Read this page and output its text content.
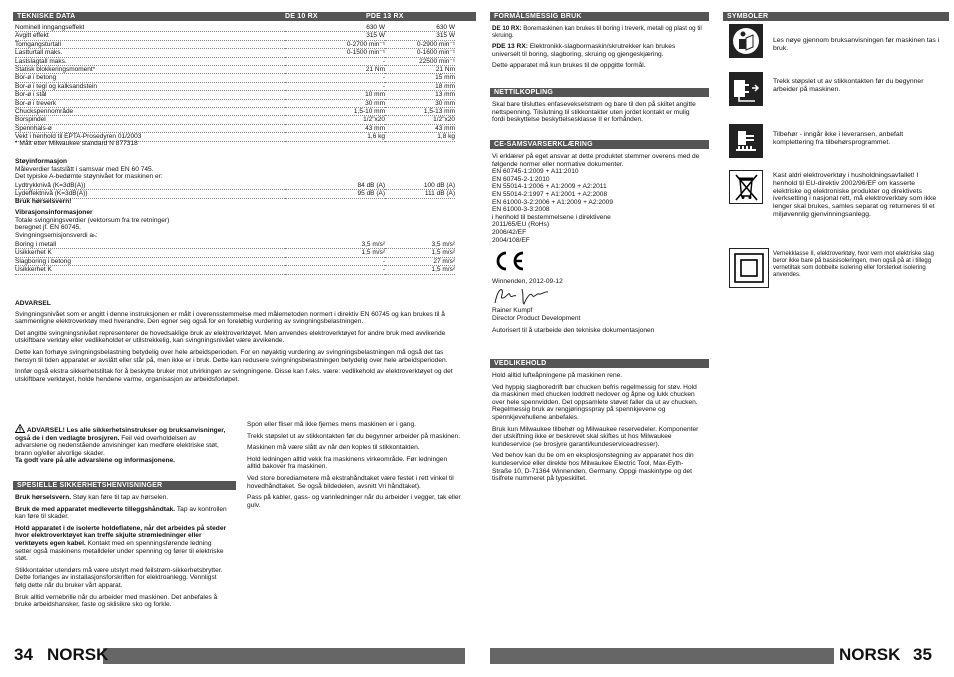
TEKNISKE DATA	DE 10 RX	PDE 13 RX
Nominell inngangseffekt	630 W	630 W
Avgitt effekt	315 W	315 W
Tomgangsturtall	0-2700 min⁻¹	0-2900 min⁻¹
Lastturtall maks.	0-1500 min⁻¹	0-1600 min⁻¹
Lastslagtall maks.	-	22500 min⁻¹
Statisk blokkeringsmoment*	21 Nm	21 Nm
Bor-ø i betong	-	15 mm
Bor-ø i tegl og kalksandstein	-	18 mm
Bor-ø i stål	10 mm	13 mm
Bor-ø i treverk	30 mm	30 mm
Chuckspennområde	1,5-10 mm	1,5-13 mm
Borspindel	1/2"x20	1/2"x20
Spennhals-ø	43 mm	43 mm
Vekt i henhold til EPTA-Prosedyren 01/2003	1,6 kg	1,8 kg
* Målt etter Milwaukee standard N 877318
Støyinformasjon
Måleverdier fastslått i samsvar med EN 60 745.
Det typiske A-bedømte støynivået for maskinen er:
Lydtrykknivå (K=3dB(A))	84 dB (A)	100 dB (A)
Lydeffektnivå (K=3dB(A))	95 dB (A)	111 dB (A)
Bruk hørselsvern!
Vibrasjonsinformasjoner
Totale svingningsverdier (vektorsum fra tre retninger)
beregnet jf. EN 60745.
Svingningsemisjonsverdi aₕ:
Boring i metall	3,5 m/s²	3,5 m/s²
Usikkerhet K	1,5 m/s²	1,5 m/s²
Slagboring i betong	-	27 m/s²
Usikkerhet K	-	1,5 m/s²
ADVARSEL

Svingningsnivået som er angitt i denne instruksjonen er målt i overensstemmelse med målemetoden normert i direktiv EN 60745 og kan brukes til å sammenligne elektroverktøy med hverandre. Den egner seg også for en foreløbig vurdering av svingningsbelastningen.

Det angitte svingningsnivået representerer de hovedsaklige bruk av elektroverktøyet. Men anvendes elektroverktøyet for andre bruk med avvikende utskiftbare verktøy eller vedlikeholdet er utilstrekkelig, kan svingningsnivået være avvikende.

Dette kan forhøye svingningsbelastning betydelig over hele arbeidsperioden. For en nøyaktig vurdering av svingningsbelastningen må også det tas hensyn til tiden apparatet er avslått eller står på, men ikke er i bruk. Dette kan redusere svingningsbelastningen betydelig over hele arbeidsperioden.

Innfør også ekstra sikkerhetstiltak for å beskytte bruker mot utvirkingen av svingningene. Disse kan f.eks. være: vedlikehold av elektroverktøyet og det utskiftbare verktøyet, holde hendene varme, organisasjon av arbeidsforløpet.

ADVARSEL! Les alle sikkerhetsinstrukser og bruksanvisninger, også de i den vedlagte brosjyren. Feil ved overholdelsen av advarslene og nedenstående anvisninger kan medføre elektriske støt, brann og/eller alvorlige skader.
Ta godt vare på alle advarslene og informasjonene.
SPESIELLE SIKKERHETSHENVISNINGER

Bruk hørselsvern. Støy kan føre til tap av hørselen.

Bruk de med apparatet medleverte tilleggshåndtak. Tap av kontrollen kan føre til skader.

Hold apparatet i de isolerte holdeflatene, når det arbeides på steder hvor elektroverktøyet kan treffe skjulte strømledninger eller verktøyets egen kabel. Kontakt med en spenningsførende ledning setter også maskinens metalldeler under spenning og fører til elektriske støt.

Stikkontakter utendørs må være utstyrt med feilstrøm-sikkerhetsbrytter. Dette forlanges av installasjonsforskriften for elektroanlegg. Vennligst følg dette når du bruker vårt apparat.

Bruk alltid vernebrille når du arbeider med maskinen. Det anbefales å bruke arbeidshansker, faste og sklisikre sko og forkle.

Spon eller fliser må ikke fjernes mens maskinen er i gang.

Trekk støpslet ut av stikkontakten før du begynner arbeider på maskinen.

Maskinen må være slått av når den koples til stikkontakten.

Hold ledningen alltid vekk fra maskinens virkeområde. Før ledningen alltid bakover fra maskinen.

Ved store borediametere må ekstrahåndtaket være festet i rett vinkel til hovedhåndtaket. Se også bildedelen, avsnitt Vri håndtaket).

Pass på kabler, gass- og vannledninger når du arbeider i vegger, tak eller gulv.

34 NORSK
FORMÅLSMESSIG BRUK

DE 10 RX: Boremaskinen kan brukes til boring i treverk, metall og plast og til skruing.

PDE 13 RX: Elektronikk-slagbormaskin/skrutrekker kan brukes universelt til boring, slagboring, skruing og gjengeskjæring.

Dette apparatet må kun brukes til de oppgitte formål.

NETTILKOPLING
Skal bare tilsluttes enfasevekselstrøm og bare til den på skiltet angitte nettspenning. Tilslutning til stikkontakter uten jordet kontakt er mulig fordi beskyttelse beskyttelsesklasse II er forhånden.
CE-SAMSVARSERKLÆRING
Vi erklærer på eget ansvar at dette produktet stemmer overens med de følgende normer eller normative dokumenter.
EN 60745-1:2009 + A11:2010
EN 60745-2-1:2010
EN 55014-1:2006 + A1:2009 + A2:2011
EN 55014-2:1997 + A1:2001 + A2:2008
EN 61000-3-2:2006 + A1:2009 + A2:2009
EN 61000-3-3:2008
i henhold til bestemmelsene i direktivene
2011/65/EU (RoHs)
2006/42/EF
2004/108/EF
Winnenden, 2012-09-12
Rainer Kumpf
Director Product Development
Autorisert til å utarbeide den tekniske dokumentasjonen
VEDLIKEHOLD

Hold alltid lufteåpningene på maskinen rene.

Ved hyppig slagboredrift bør chucken befris regelmessig for støv. Hold da maskinen med chucken loddrett nedover og åpne og lukk chucken over hele spennvidden. Det oppsamlete støvet faller da ut av chucken. Regelmessig bruk av rengjøringsspray på spennkjevene og spennkjevehullene anbefales.

Bruk kun Milwaukee tilbehør og Milwaukee reservedeler. Komponenter der utskiftning ikke er beskrevet skal skiftes ut hos Milwaukee kundeservice (se brosjyre garanti/kundeserviceadresser).

Ved behov kan du be om en eksplosjonstegning av apparatet hos din kundeservice eller direkte hos Milwaukee Electric Tool, Max-Eyth-Straße 10, D-71364 Winnenden, Germany. Oppgi maskintype og det tisifrete nummeret på typeskiltet.

SYMBOLER
Les nøye gjennom bruksanvisningen før maskinen tas i bruk.
Trekk støpslet ut av stikkontakten før du begynner arbeider på maskinen.
Tilbehør - inngår ikke i leveransen, anbefalt komplettering fra tilbehørsprogrammet.
Kast aldri elektroverktøy i husholdningsavfallet! I henhold til EU-direktiv 2002/96/EF om kasserte elektriske og elektroniske produkter og direktivets iverksetting i nasjonal rett, må elektroverktøy som ikke lenger skal brukes, samles separat og returneres til et miljøvennlig gjenvinningsanlegg.
Vernekklasse II, elektroverktøy, hvor vern mot elektriske slag beror ikke bare på basisisoleringen, men også på at i tillegg vernetiltak som dobbelte isolering eller forsterket isolering anvendes.
NORSK 35
